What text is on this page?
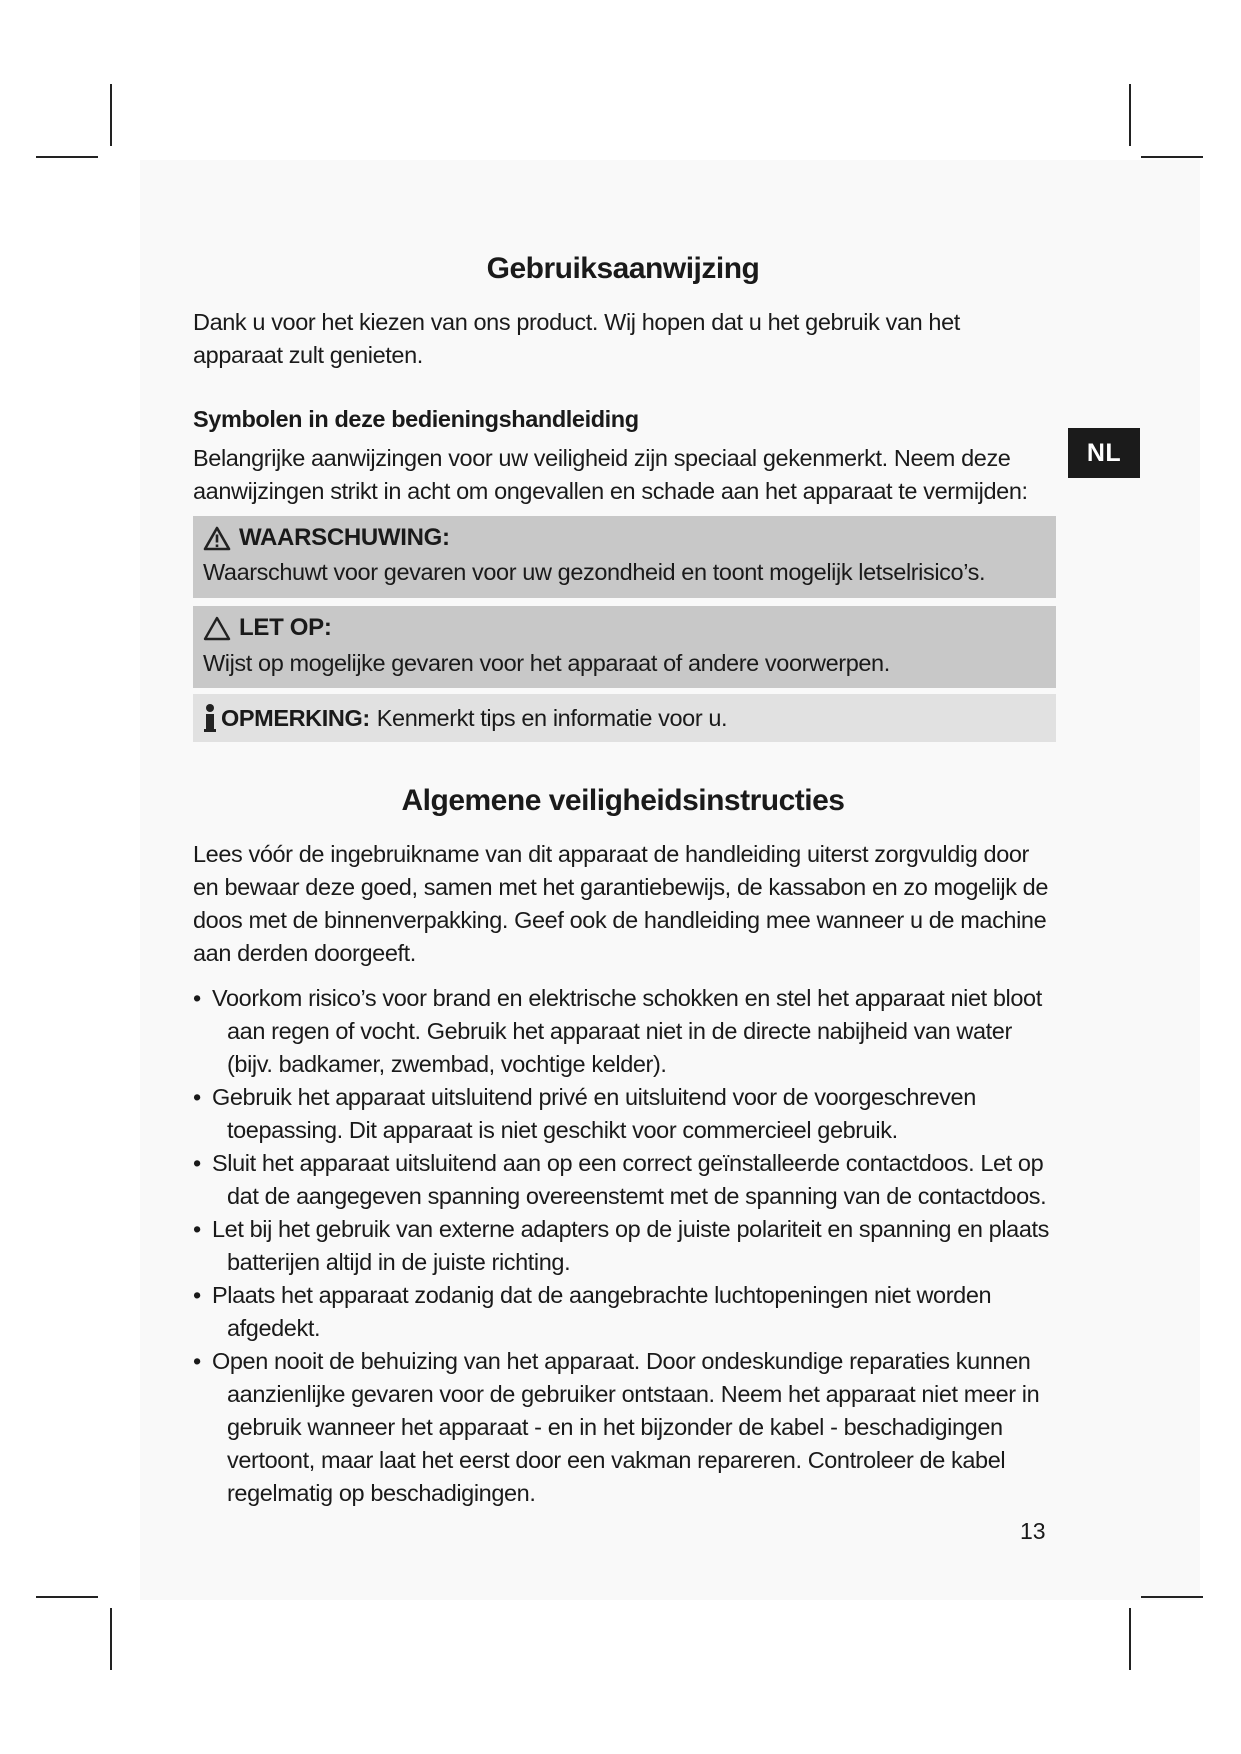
Gebruiksaanwijzing
Dank u voor het kiezen van ons product. Wij hopen dat u het gebruik van het apparaat zult genieten.
Symbolen in deze bedieningshandleiding
Belangrijke aanwijzingen voor uw veiligheid zijn speciaal gekenmerkt. Neem deze aanwijzingen strikt in acht om ongevallen en schade aan het apparaat te vermijden:
NL
WAARSCHUWING:
Waarschuwt voor gevaren voor uw gezondheid en toont mogelijk letselrisico’s.
LET OP:
Wijst op mogelijke gevaren voor het apparaat of andere voorwerpen.
OPMERKING: Kenmerkt tips en informatie voor u.
Algemene veiligheidsinstructies
Lees vóór de ingebruikname van dit apparaat de handleiding uiterst zorgvuldig door en bewaar deze goed, samen met het garantiebewijs, de kassabon en zo mogelijk de doos met de binnenverpakking. Geef ook de handleiding mee wanneer u de machine aan derden doorgeeft.
• Voorkom risico’s voor brand en elektrische schokken en stel het apparaat niet bloot aan regen of vocht. Gebruik het apparaat niet in de directe nabijheid van water (bijv. badkamer, zwembad, vochtige kelder).
• Gebruik het apparaat uitsluitend privé en uitsluitend voor de voorgeschreven toepassing. Dit apparaat is niet geschikt voor commercieel gebruik.
• Sluit het apparaat uitsluitend aan op een correct geïnstalleerde contactdoos. Let op dat de aangegeven spanning overeenstemt met de spanning van de contactdoos.
• Let bij het gebruik van externe adapters op de juiste polariteit en spanning en plaats batterijen altijd in de juiste richting.
• Plaats het apparaat zodanig dat de aangebrachte luchtopeningen niet worden afgedekt.
• Open nooit de behuizing van het apparaat. Door ondeskundige reparaties kunnen aanzienlijke gevaren voor de gebruiker ontstaan. Neem het apparaat niet meer in gebruik wanneer het apparaat - en in het bijzonder de kabel - beschadigingen vertoont, maar laat het eerst door een vakman repareren. Controleer de kabel regelmatig op beschadigingen.
13
